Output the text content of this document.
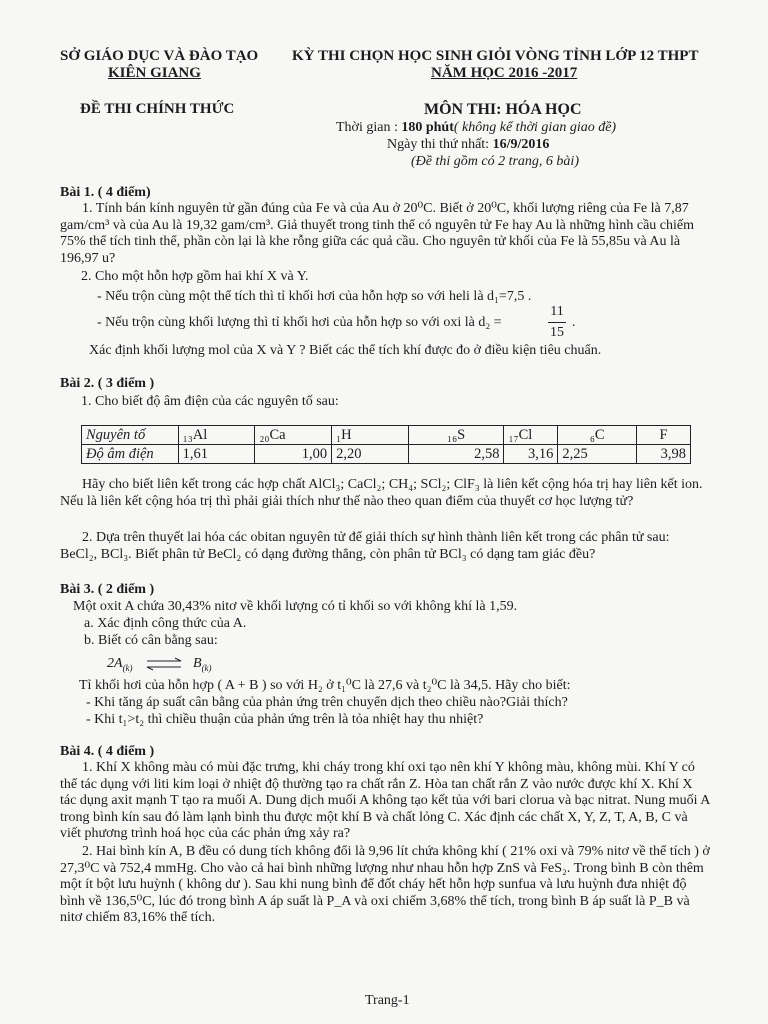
SỞ GIÁO DỤC VÀ ĐÀO TẠO
KIÊN GIANG
KỲ THI CHỌN HỌC SINH GIỎI VÒNG TỈNH LỚP 12 THPT
NĂM HỌC 2016 -2017
ĐỀ THI CHÍNH THỨC	MÔN THI: HÓA HỌC
Thời gian : 180 phút( không kể thời gian giao đề)
Ngày thi thứ nhất: 16/9/2016
(Đề thi gồm có 2 trang, 6 bài)
Bài 1. ( 4 điểm)
1. Tính bán kính nguyên tử gần đúng của Fe và của Au ở 20⁰C. Biết ở 20⁰C, khối lượng riêng của Fe là 7,87 gam/cm³ và của Au là 19,32 gam/cm³. Giả thuyết trong tinh thể có nguyên tử Fe hay Au là những hình cầu chiếm 75% thể tích tinh thể, phần còn lại là khe rỗng giữa các quả cầu. Cho nguyên tử khối của Fe là 55,85u và Au là 196,97 u?
2. Cho một hỗn hợp gồm hai khí X và Y.
- Nếu trộn cùng một thể tích thì tỉ khối hơi của hỗn hợp so với heli là d₁=7,5 .
- Nếu trộn cùng khối lượng thì tỉ khối hơi của hỗn hợp so với oxi là d₂ =
11
15
.
Xác định khối lượng mol của X và Y ? Biết các thể tích khí được đo ở điều kiện tiêu chuẩn.
Bài 2. ( 3 điểm )
1. Cho biết độ âm điện của các nguyên tố sau:
Nguyên tố	₁₃Al	₂₀Ca	₁H	₁₆S	₁₇Cl	₆C	F
Độ âm điện	1,61	1,00	2,20	2,58	3,16	2,25	3,98
Hãy cho biết liên kết trong các hợp chất AlCl₃; CaCl₂; CH₄; SCl₂; ClF₃ là liên kết cộng hóa trị hay liên kết ion. Nếu là liên kết cộng hóa trị thì phải giải thích như thế nào theo quan điểm của thuyết cơ học lượng tử?
2. Dựa trên thuyết lai hóa các obitan nguyên tử để giải thích sự hình thành liên kết trong các phân tử sau: BeCl₂, BCl₃. Biết phân tử BeCl₂ có dạng đường thẳng, còn phân tử BCl₃ có dạng tam giác đều?
Bài 3. ( 2 điểm )
Một oxit A chứa 30,43% nitơ về khối lượng có tỉ khối so với không khí là 1,59.
a. Xác định công thức của A.
b. Biết có cân bằng sau:
$2A_{(k)}$ ⇌ $B_{(k)}$
Tỉ khối hơi của hỗn hợp ( A + B ) so với H₂ ở t₁⁰C là 27,6 và t₂⁰C là 34,5. Hãy cho biết:
- Khi tăng áp suất cân bằng của phản ứng trên chuyển dịch theo chiều nào?Giải thích?
- Khi t₁>t₂ thì chiều thuận của phản ứng trên là tỏa nhiệt hay thu nhiệt?
Bài 4. ( 4 điểm )
1. Khí X không màu có mùi đặc trưng, khi cháy trong khí oxi tạo nên khí Y không màu, không mùi. Khí Y có thể tác dụng với liti kim loại ở nhiệt độ thường tạo ra chất rắn Z. Hòa tan chất rắn Z vào nước được khí X. Khí X tác dụng axit mạnh T tạo ra muối A. Dung dịch muối A không tạo kết tủa với bari clorua và bạc nitrat. Nung muối A trong bình kín sau đó làm lạnh bình thu được một khí B và chất lỏng C. Xác định các chất X, Y, Z, T, A, B, C và viết phương trình hoá học của các phản ứng xảy ra?
2. Hai bình kín A, B đều có dung tích không đổi là 9,96 lít chứa không khí ( 21% oxi và 79% nitơ về thể tích ) ở 27,3⁰C và 752,4 mmHg. Cho vào cả hai bình những lượng như nhau hỗn hợp ZnS và FeS₂. Trong bình B còn thêm một ít bột lưu huỳnh ( không dư ). Sau khi nung bình để đốt cháy hết hỗn hợp sunfua và lưu huỳnh đưa nhiệt độ bình về 136,5⁰C, lúc đó trong bình A áp suất là P_A và oxi chiếm 3,68% thể tích, trong bình B áp suất là P_B và nitơ chiếm 83,16% thể tích.
Trang-1
